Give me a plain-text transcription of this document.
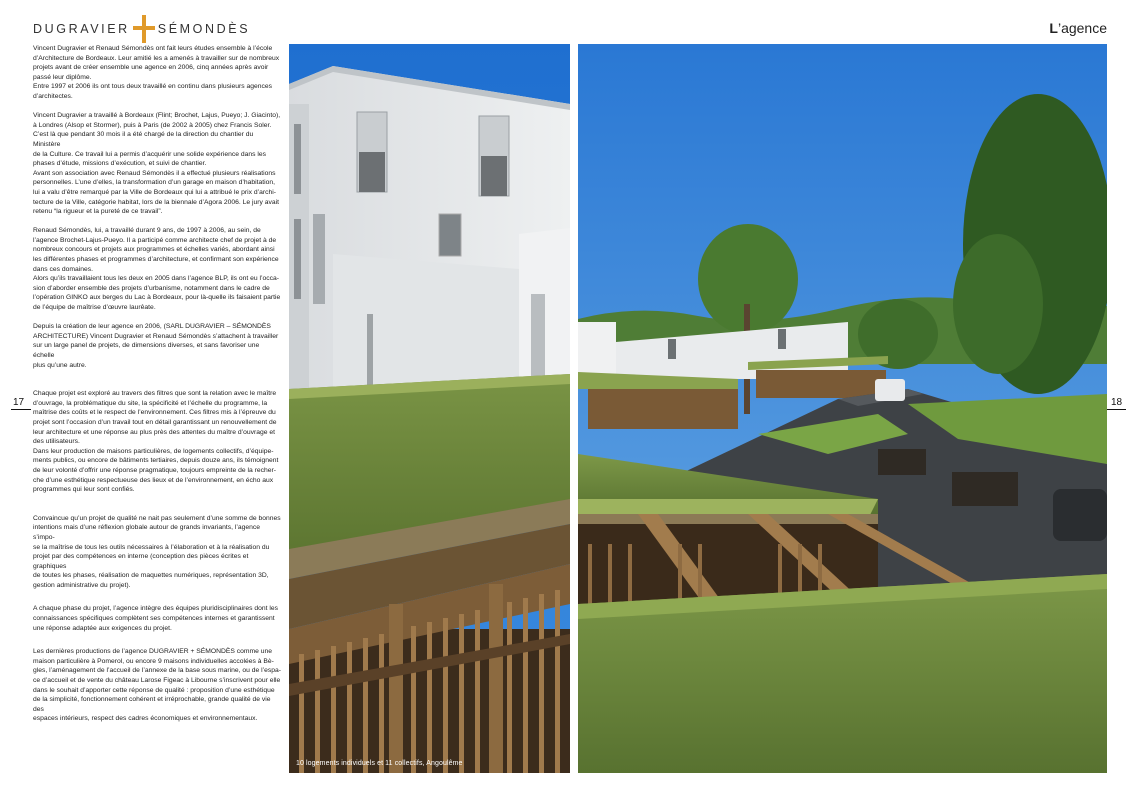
DUGRAVIER SÉMONDÈS	L’agence
17	18

Vincent Dugravier et Renaud Sémondès ont fait leurs études ensemble à l’école
d’Architecture de Bordeaux. Leur amitié les a amenés à travailler sur de nombreux
projets avant de créer ensemble une agence en 2006, cinq années après avoir
passé leur diplôme.
Entre 1997 et 2006 ils ont tous deux travaillé en continu dans plusieurs agences
d’architectes.

Vincent Dugravier a travaillé à Bordeaux (Flint; Brochet, Lajus, Pueyo; J. Giacinto),
à Londres (Alsop et Stormer), puis à Paris (de 2002 à 2005) chez Francis Soler.
C’est là que pendant 30 mois il a été chargé de la direction du chantier du Ministère
de la Culture. Ce travail lui a permis d’acquérir une solide expérience dans les
phases d’étude, missions d’exécution, et suivi de chantier.
Avant son association avec Renaud Sémondès il a effectué plusieurs réalisations
personnelles. L’une d’elles, la transformation d’un garage en maison d’habitation,
lui a valu d’être remarqué par la Ville de Bordeaux qui lui a attribué le prix d’archi-
tecture de la Ville, catégorie habitat, lors de la biennale d’Agora 2006. Le jury avait
retenu “la rigueur et la pureté de ce travail”.

Renaud Sémondès, lui, a travaillé durant 9 ans, de 1997 à 2006, au sein, de
l’agence Brochet-Lajus-Pueyo. Il a participé comme architecte chef de projet à de
nombreux concours et projets aux programmes et échelles variés, abordant ainsi
les différentes phases et programmes d’architecture, et confirmant son expérience
dans ces domaines.
Alors qu’ils travaillaient tous les deux en 2005 dans l’agence BLP, ils ont eu l’occa-
sion d’aborder ensemble des projets d’urbanisme, notamment dans le cadre de
l’opération GINKO aux berges du Lac à Bordeaux, pour là-quelle ils faisaient partie
de l’équipe de maîtrise d’œuvre laurêate.

Depuis la création de leur agence en 2006, (SARL DUGRAVIER – SÉMONDÈS
ARCHITECTURE) Vincent Dugravier et Renaud Sémondès s’attachent à travailler
sur un large panel de projets, de dimensions diverses, et sans favoriser une échelle
plus qu’une autre.

Chaque projet est exploré au travers des filtres que sont la relation avec le maître
d’ouvrage, la problématique du site, la spécificité et l’échelle du programme, la
maîtrise des coûts et le respect de l’environnement. Ces filtres mis à l’épreuve du
projet sont l’occasion d’un travail tout en détail garantissant un renouvellement de
leur architecture et une réponse au plus près des attentes du maître d’ouvrage et
des utilisateurs.
Dans leur production de maisons particulières, de logements collectifs, d’équipe-
ments publics, ou encore de bâtiments tertiaires, depuis douze ans, ils témoignent
de leur volonté d’offrir une réponse pragmatique, toujours empreinte de la recher-
che d’une esthétique respectueuse des lieux et de l’environnement, en écho aux
programmes qui leur sont confiés.

Convaincue qu’un projet de qualité ne nait pas seulement d’une somme de bonnes
intentions mais d’une réflexion globale autour de grands invariants, l’agence s’impo-
se la maîtrise de tous les outils nécessaires à l’élaboration et à la réalisation du
projet par des compétences en interne (conception des pièces écrites et graphiques
de toutes les phases, réalisation de maquettes numériques, représentation 3D,
gestion administrative du projet).

A chaque phase du projet, l’agence intègre des équipes pluridisciplinaires dont les
connaissances spécifiques complètent ses compétences internes et garantissent
une réponse adaptée aux exigences du projet.

Les dernières productions de l’agence DUGRAVIER + SÉMONDÈS comme une
maison particulière à Pomerol, ou encore 9 maisons individuelles accolées à Bè-
gles, l’aménagement de l’accueil de l’annexe de la base sous marine, ou de l’espa-
ce d’accueil et de vente du château Larose Figeac à Libourne s’inscrivent pour elle
dans le souhait d’apporter cette réponse de qualité : proposition d’une esthétique
de la simplicité, fonctionnement cohérent et irréprochable, grande qualité de vie des
espaces intérieurs, respect des cadres économiques et environnementaux.

10 logements individuels et 11 collectifs, Angoulême
